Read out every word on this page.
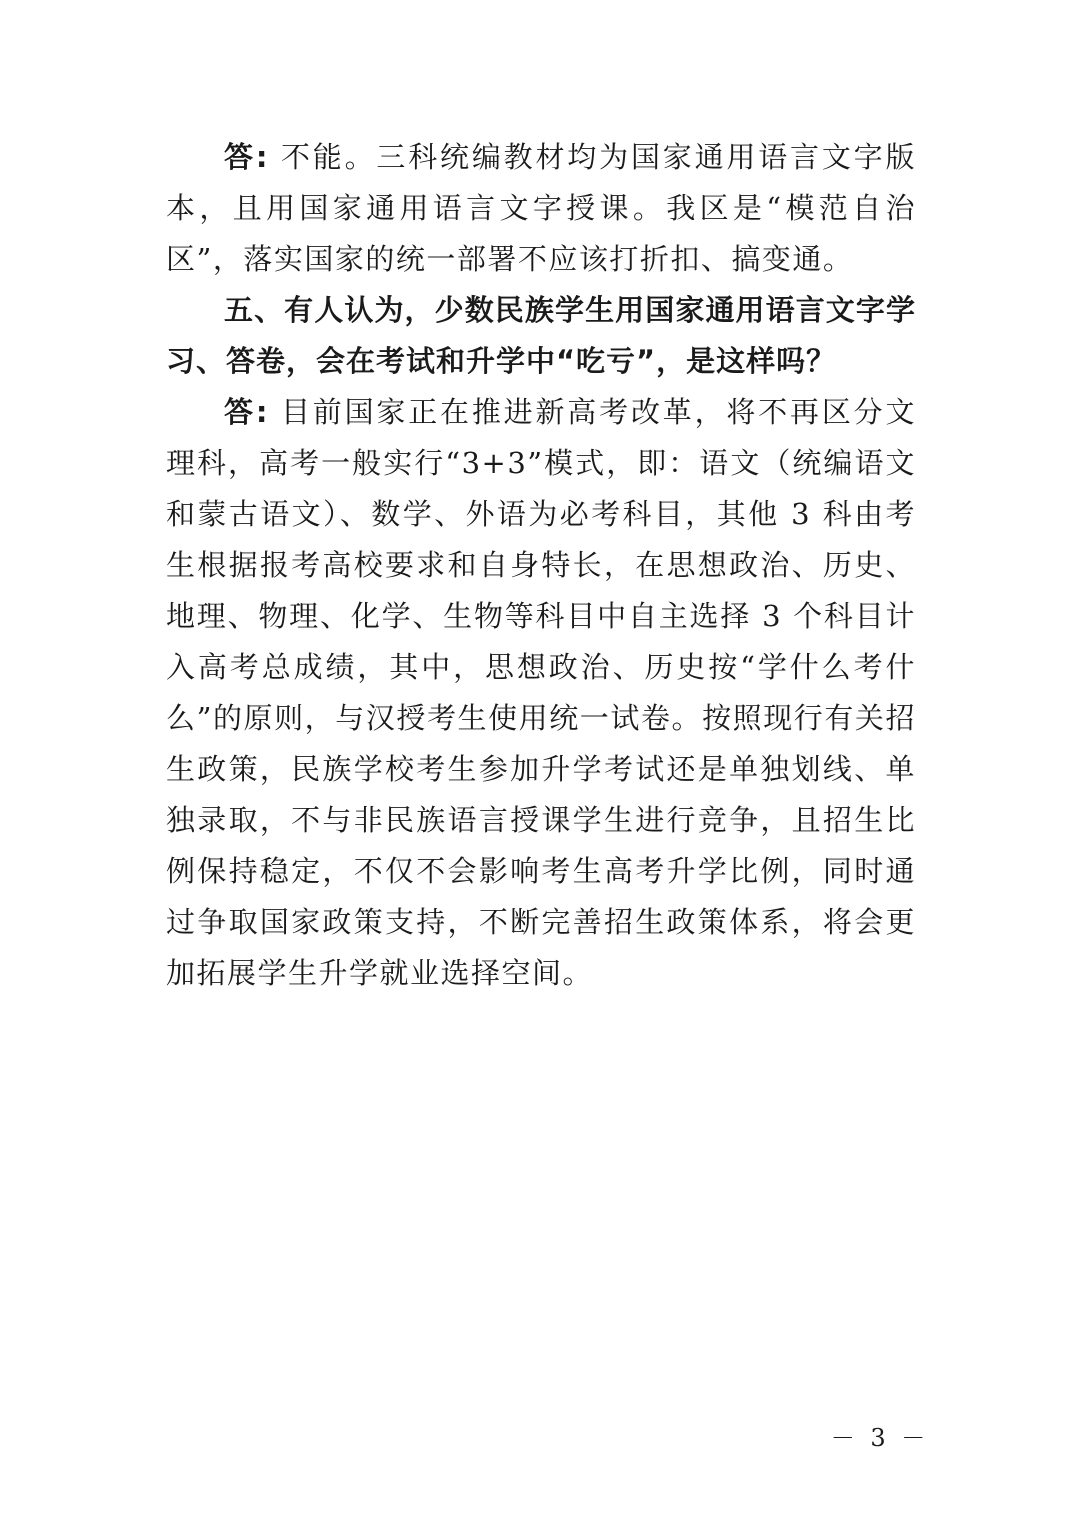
答: 不能。三科统编教材均为国家通用语言文字版本，且用国家通用语言文字授课。我区是“模范自治区”，落实国家的统一部署不应该打折扣、搞变通。

五、有人认为，少数民族学生用国家通用语言文字学习、答卷，会在考试和升学中“吃亏”，是这样吗？

答: 目前国家正在推进新高考改革，将不再区分文理科，高考一般实行“3+3”模式，即：语文（统编语文和蒙古语文）、数学、外语为必考科目，其他 3 科由考生根据报考高校要求和自身特长，在思想政治、历史、地理、物理、化学、生物等科目中自主选择 3 个科目计入高考总成绩，其中，思想政治、历史按“学什么考什么”的原则，与汉授考生使用统一试卷。按照现行有关招生政策，民族学校考生参加升学考试还是单独划线、单独录取，不与非民族语言授课学生进行竞争，且招生比例保持稳定，不仅不会影响考生高考升学比例，同时通过争取国家政策支持，不断完善招生政策体系，将会更加拓展学生升学就业选择空间。

－ 3 －
